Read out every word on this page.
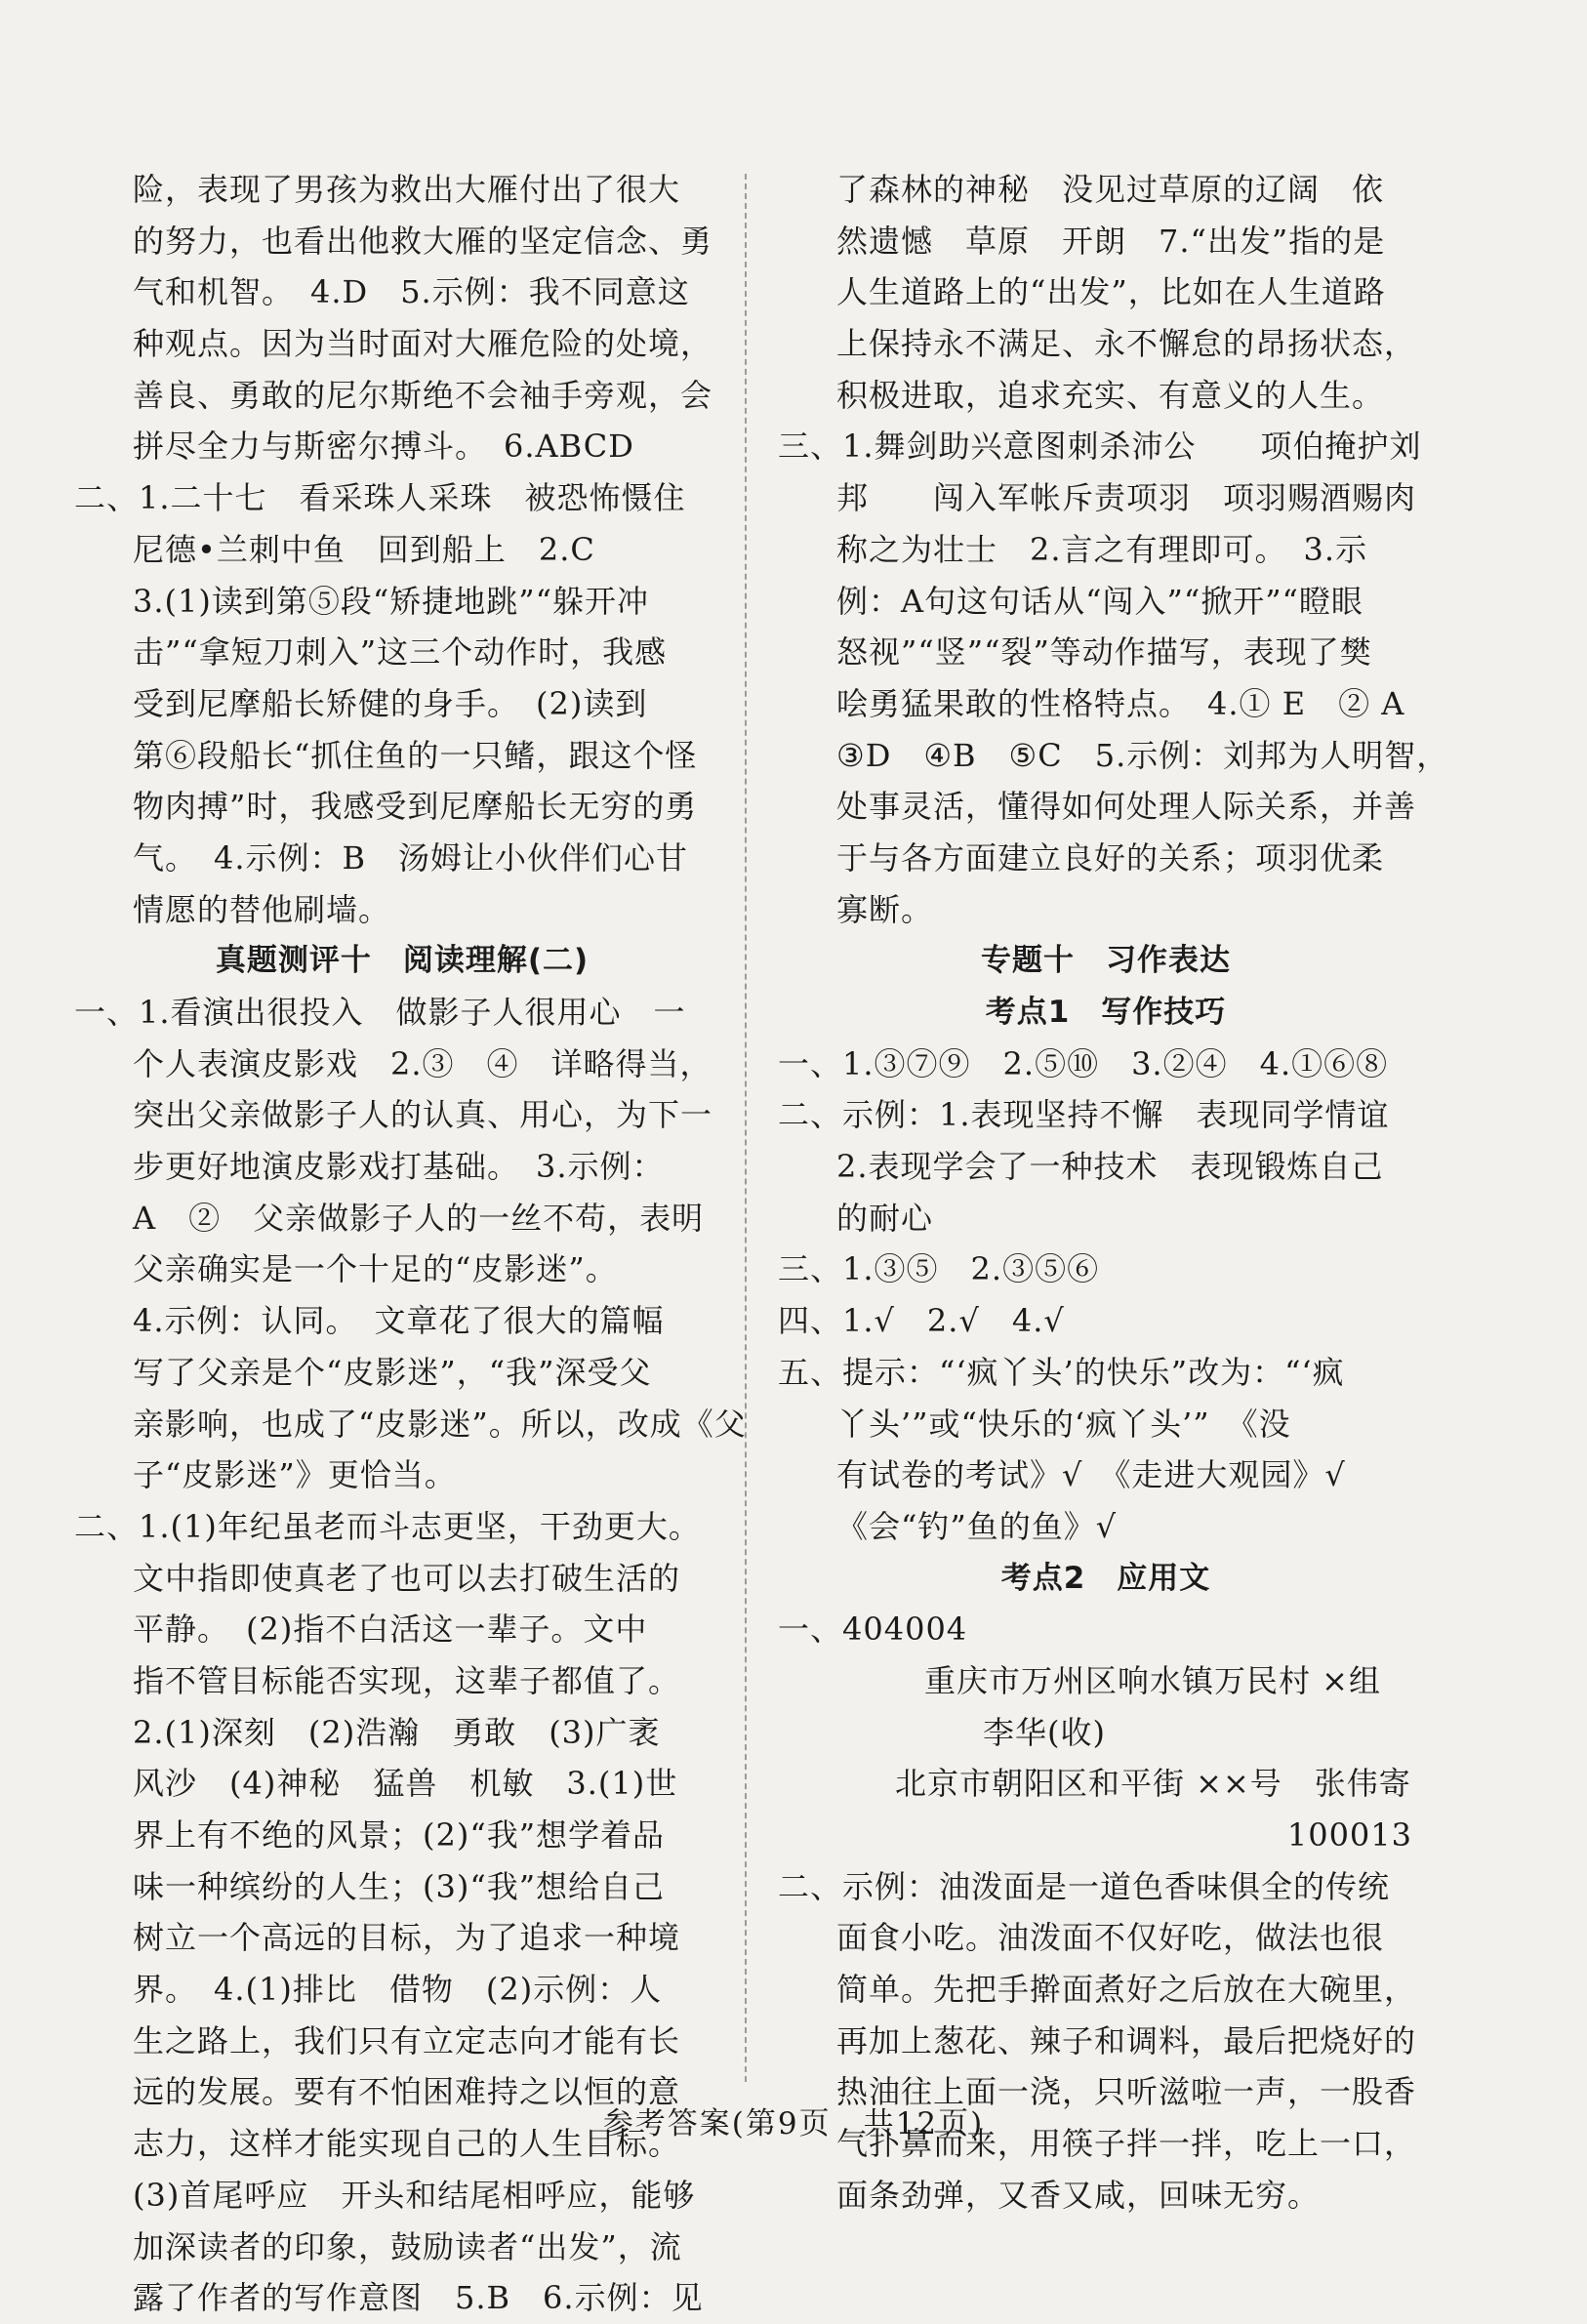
险，表现了男孩为救出大雁付出了很大
的努力，也看出他救大雁的坚定信念、勇
气和机智。　4.D　5.示例：我不同意这
种观点。因为当时面对大雁危险的处境，
善良、勇敢的尼尔斯绝不会袖手旁观，会
拼尽全力与斯密尔搏斗。　6.ABCD
二、1.二十七　看采珠人采珠　被恐怖慑住
尼德•兰刺中鱼　回到船上　2.C
3.(1)读到第⑤段“矫捷地跳”“躲开冲
击”“拿短刀刺入”这三个动作时，我感
受到尼摩船长矫健的身手。　(2)读到
第⑥段船长“抓住鱼的一只鳍，跟这个怪
物肉搏”时，我感受到尼摩船长无穷的勇
气。　4.示例：B　汤姆让小伙伴们心甘
情愿的替他刷墙。
真题测评十　阅读理解(二)
一、1.看演出很投入　做影子人很用心　一
个人表演皮影戏　2.③　④　详略得当，
突出父亲做影子人的认真、用心，为下一
步更好地演皮影戏打基础。　3.示例：
A　②　父亲做影子人的一丝不苟，表明
父亲确实是一个十足的“皮影迷”。
4.示例：认同。　文章花了很大的篇幅
写了父亲是个“皮影迷”，“我”深受父
亲影响，也成了“皮影迷”。所以，改成《父
子“皮影迷”》更恰当。
二、1.(1)年纪虽老而斗志更坚，干劲更大。
文中指即使真老了也可以去打破生活的
平静。　(2)指不白活这一辈子。文中
指不管目标能否实现，这辈子都值了。
2.(1)深刻　(2)浩瀚　勇敢　(3)广袤
风沙　(4)神秘　猛兽　机敏　3.(1)世
界上有不绝的风景；(2)“我”想学着品
味一种缤纷的人生；(3)“我”想给自己
树立一个高远的目标，为了追求一种境
界。　4.(1)排比　借物　(2)示例：人
生之路上，我们只有立定志向才能有长
远的发展。要有不怕困难持之以恒的意
志力，这样才能实现自己的人生目标。
(3)首尾呼应　开头和结尾相呼应，能够
加深读者的印象，鼓励读者“出发”，流
露了作者的写作意图　5.B　6.示例：见
了森林的神秘　没见过草原的辽阔　依
然遗憾　草原　开朗　7.“出发”指的是
人生道路上的“出发”，比如在人生道路
上保持永不满足、永不懈怠的昂扬状态，
积极进取，追求充实、有意义的人生。
三、1.舞剑助兴意图刺杀沛公　　项伯掩护刘
邦　　闯入军帐斥责项羽　项羽赐酒赐肉
称之为壮士　2.言之有理即可。　3.示
例：A句这句话从“闯入”“掀开”“瞪眼
怒视”“竖”“裂”等动作描写，表现了樊
哙勇猛果敢的性格特点。　4.① E　② A
③D　④B　⑤C　5.示例：刘邦为人明智，
处事灵活，懂得如何处理人际关系，并善
于与各方面建立良好的关系；项羽优柔
寡断。
专题十　习作表达
考点1　写作技巧
一、1.③⑦⑨　2.⑤⑩　3.②④　4.①⑥⑧
二、示例：1.表现坚持不懈　表现同学情谊
2.表现学会了一种技术　表现锻炼自己
的耐心
三、1.③⑤　2.③⑤⑥
四、1.√　2.√　4.√
五、提示：“‘疯丫头’的快乐”改为：“‘疯
丫头’”或“快乐的‘疯丫头’”　《没
有试卷的考试》√　《走进大观园》√
《会“钓”鱼的鱼》√
考点2　应用文
一、404004
重庆市万州区响水镇万民村 ×组
李华(收)
北京市朝阳区和平街 ××号　张伟寄
100013
二、示例：油泼面是一道色香味俱全的传统
面食小吃。油泼面不仅好吃，做法也很
简单。先把手擀面煮好之后放在大碗里，
再加上葱花、辣子和调料，最后把烧好的
热油往上面一浇，只听滋啦一声，一股香
气扑鼻而来，用筷子拌一拌，吃上一口，
面条劲弹，又香又咸，回味无穷。
参考答案(第9页　共12页)
